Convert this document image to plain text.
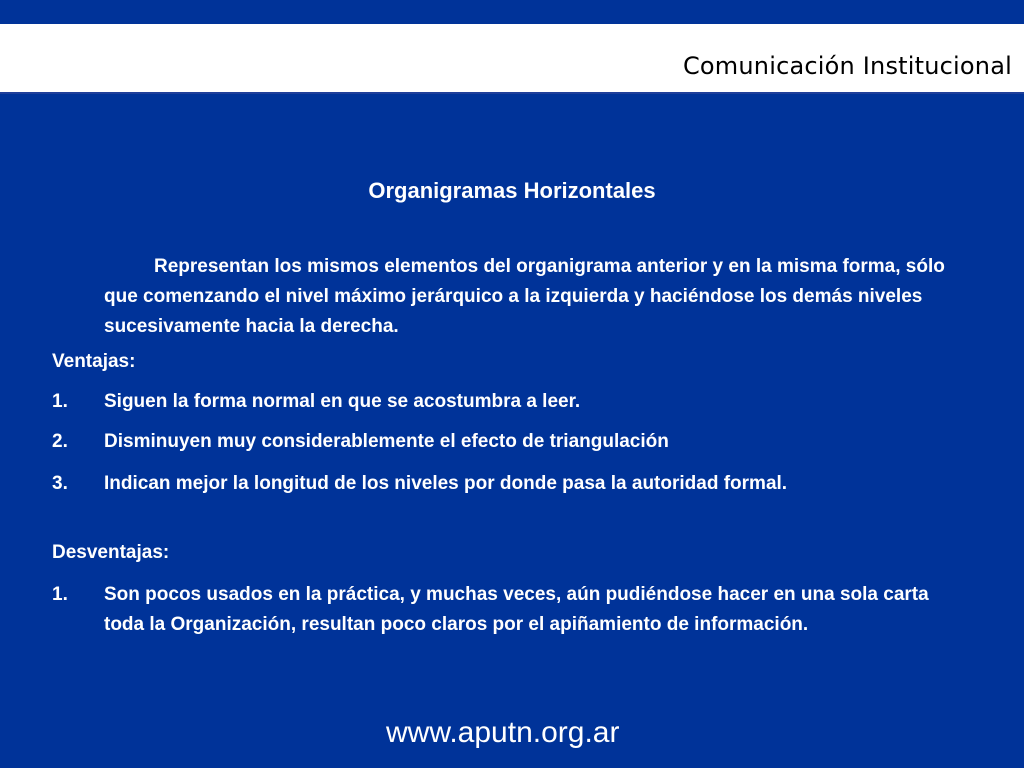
Comunicación Institucional
Organigramas Horizontales
Representan los mismos elementos del organigrama anterior y en la misma forma, sólo que comenzando el nivel máximo jerárquico a la izquierda y haciéndose los demás niveles sucesivamente hacia la derecha.
Ventajas:
1.	Siguen la forma normal en que se acostumbra a leer.
2.	Disminuyen muy considerablemente el efecto de triangulación
3.	Indican mejor la longitud de los niveles por donde pasa la autoridad formal.
Desventajas:
1.	Son pocos usados en la práctica, y muchas veces, aún pudiéndose hacer en una sola carta toda la Organización, resultan poco claros por el apiñamiento de información.
www.aputn.org.ar
